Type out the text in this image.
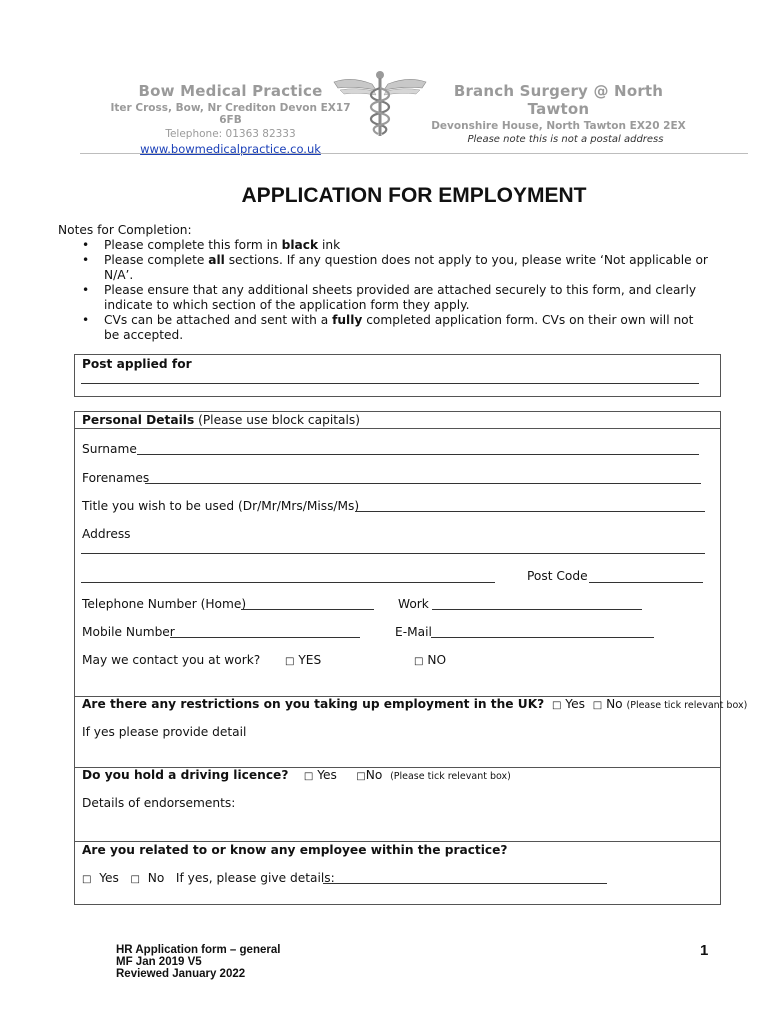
Bow Medical Practice
Iter Cross, Bow, Nr Crediton Devon EX17 6FB
Telephone: 01363 82333
www.bowmedicalpractice.co.uk
Branch Surgery @ North Tawton
Devonshire House, North Tawton EX20 2EX
Please note this is not a postal address
APPLICATION FOR EMPLOYMENT
Notes for Completion:
• Please complete this form in black ink
• Please complete all sections. If any question does not apply to you, please write ‘Not applicable or N/A’.
• Please ensure that any additional sheets provided are attached securely to this form, and clearly indicate to which section of the application form they apply.
• CVs can be attached and sent with a fully completed application form. CVs on their own will not be accepted.
Post applied for
Personal Details (Please use block capitals)
Surname
Forenames
Title you wish to be used (Dr/Mr/Mrs/Miss/Ms)
Address
Post Code
Telephone Number (Home)	Work
Mobile Number	E-Mail
May we contact you at work? □ YES	□ NO
Are there any restrictions on you taking up employment in the UK? □ Yes □ No (Please tick relevant box)
If yes please provide detail
Do you hold a driving licence? □ Yes □No (Please tick relevant box)
Details of endorsements:
Are you related to or know any employee within the practice?
□ Yes □ No If yes, please give details:
HR Application form – general
MF Jan 2019 V5
Reviewed January 2022
1
